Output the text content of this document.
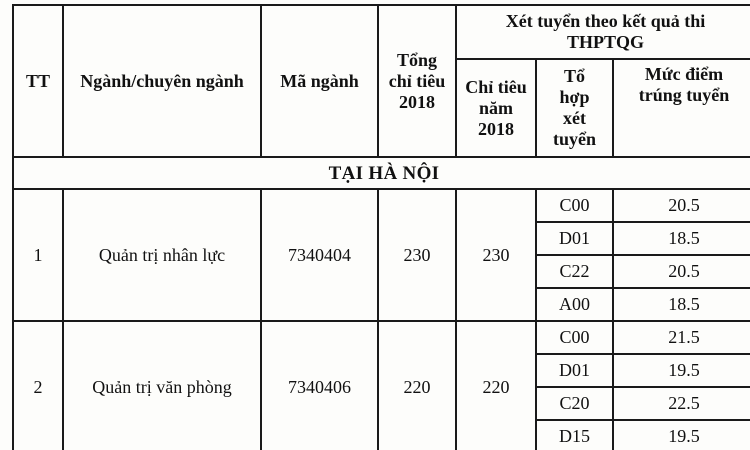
TT	Ngành/chuyên ngành	Mã ngành	Tổng chỉ tiêu 2018	Xét tuyển theo kết quả thi THPTQG		
				Chỉ tiêu năm 2018	Tổ hợp xét tuyển	Mức điểm trúng tuyển
TẠI HÀ NỘI						
1	Quản trị nhân lực	7340404	230	230	C00	20.5
					D01	18.5
					C22	20.5
					A00	18.5
2	Quản trị văn phòng	7340406	220	220	C00	21.5
					D01	19.5
					C20	22.5
					D15	19.5
